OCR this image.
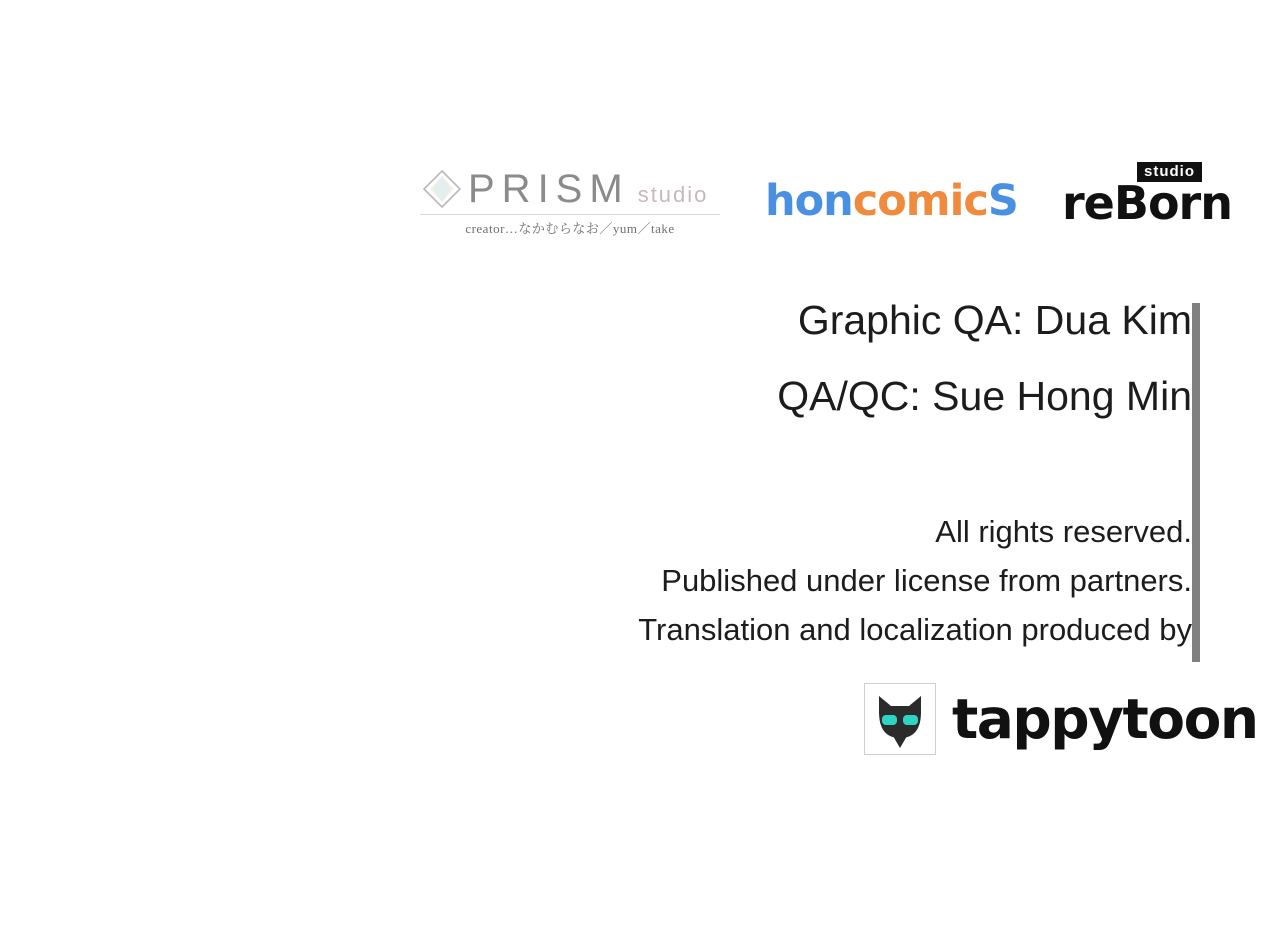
PRISM studio
creator…なかむらなお／yum／take
honcomicS
studio
reBorn
Graphic QA: Dua Kim
QA/QC: Sue Hong Min
All rights reserved.
Published under license from partners.
Translation and localization produced by
tappytoon
